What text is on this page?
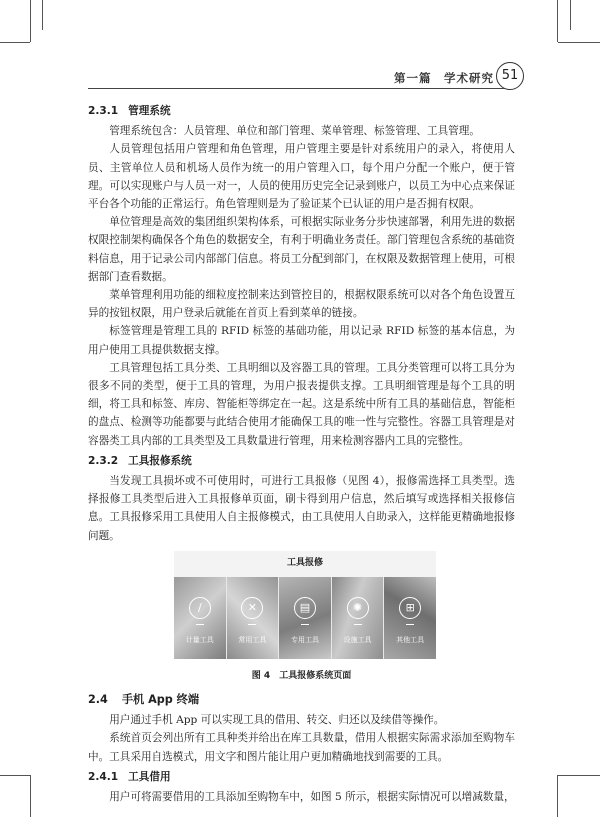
第一篇　学术研究 51
2.3.1 管理系统

管理系统包含：人员管理、单位和部门管理、菜单管理、标签管理、工具管理。

人员管理包括用户管理和角色管理，用户管理主要是针对系统用户的录入，将使用人员、主管单位人员和机场人员作为统一的用户管理入口，每个用户分配一个账户，便于管理。可以实现账户与人员一对一，人员的使用历史完全记录到账户，以员工为中心点来保证平台各个功能的正常运行。角色管理则是为了验证某个已认证的用户是否拥有权限。

单位管理是高效的集团组织架构体系，可根据实际业务分步快速部署，利用先进的数据权限控制架构确保各个角色的数据安全，有利于明确业务责任。部门管理包含系统的基础资料信息，用于记录公司内部部门信息。将员工分配到部门，在权限及数据管理上使用，可根据部门查看数据。

菜单管理利用功能的细粒度控制来达到管控目的，根据权限系统可以对各个角色设置互异的按钮权限，用户登录后就能在首页上看到菜单的链接。

标签管理是管理工具的 RFID 标签的基础功能，用以记录 RFID 标签的基本信息，为用户使用工具提供数据支撑。

工具管理包括工具分类、工具明细以及容器工具的管理。工具分类管理可以将工具分为很多不同的类型，便于工具的管理，为用户报表提供支撑。工具明细管理是每个工具的明细，将工具和标签、库房、智能柜等绑定在一起。这是系统中所有工具的基础信息，智能柜的盘点、检测等功能都要与此结合使用才能确保工具的唯一性与完整性。容器工具管理是对容器类工具内部的工具类型及工具数量进行管理，用来检测容器内工具的完整性。

2.3.2 工具报修系统

当发现工具损坏或不可使用时，可进行工具报修（见图 4），报修需选择工具类型。选择报修工具类型后进入工具报修单页面，刷卡得到用户信息，然后填写或选择相关报修信息。工具报修采用工具使用人自主报修模式，由工具使用人自助录入，这样能更精确地报修问题。

工具报修
∕
计量工具
✕
常用工具
▤
专用工具
✺
设施工具
⊞
其他工具
图 4　工具报修系统页面
2.4 手机 App 终端

用户通过手机 App 可以实现工具的借用、转交、归还以及续借等操作。

系统首页会列出所有工具种类并给出在库工具数量，借用人根据实际需求添加至购物车中。工具采用自选模式，用文字和图片能让用户更加精确地找到需要的工具。

2.4.1 工具借用

用户可将需要借用的工具添加至购物车中，如图 5 所示，根据实际情况可以增减数量，
